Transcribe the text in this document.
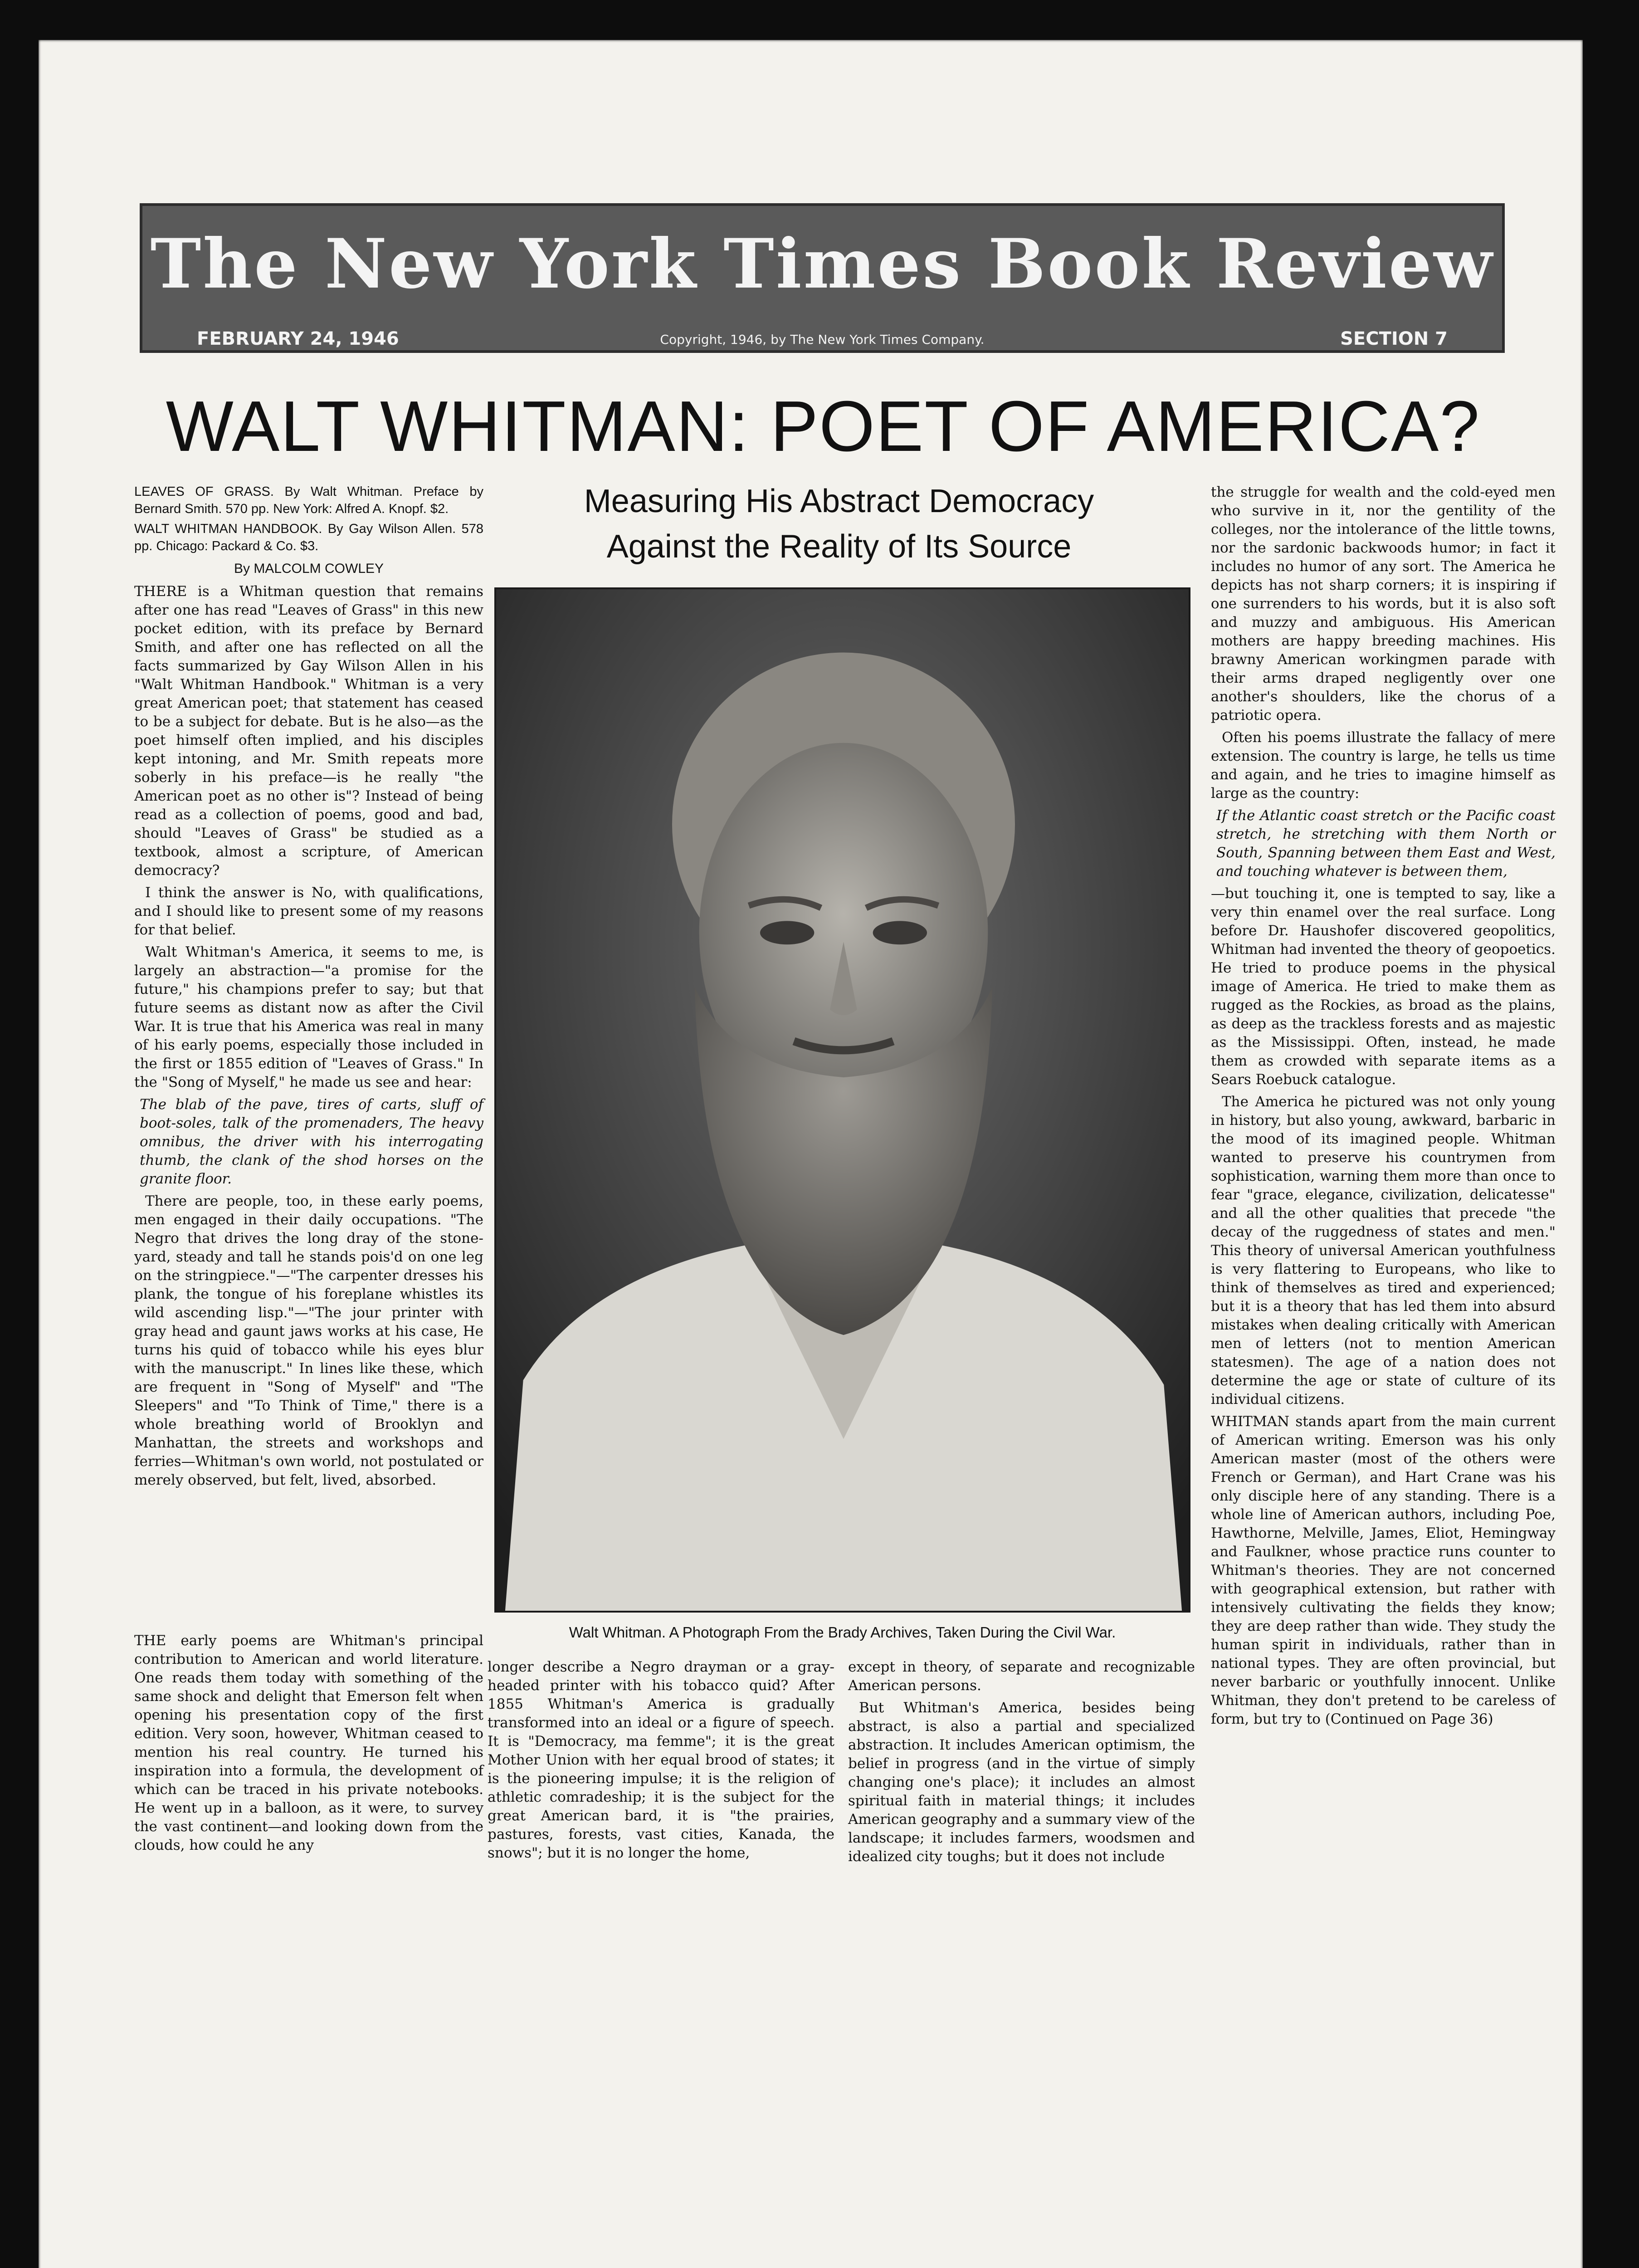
The New York Times Book Review
FEBRUARY 24, 1946	Copyright, 1946, by The New York Times Company.	SECTION 7
WALT WHITMAN: POET OF AMERICA?
Measuring His Abstract Democracy
Against the Reality of Its Source

LEAVES OF GRASS. By Walt Whitman. Preface by Bernard Smith. 570 pp. New York: Alfred A. Knopf. $2.

WALT WHITMAN HANDBOOK. By Gay Wilson Allen. 578 pp. Chicago: Packard & Co. $3.

By MALCOLM COWLEY

THERE is a Whitman question that remains after one has read "Leaves of Grass" in this new pocket edition, with its preface by Bernard Smith, and after one has reflected on all the facts summarized by Gay Wilson Allen in his "Walt Whitman Handbook." Whitman is a very great American poet; that statement has ceased to be a subject for debate. But is he also—as the poet himself often implied, and his disciples kept intoning, and Mr. Smith repeats more soberly in his preface—is he really "the American poet as no other is"? Instead of being read as a collection of poems, good and bad, should "Leaves of Grass" be studied as a textbook, almost a scripture, of American democracy?

I think the answer is No, with qualifications, and I should like to present some of my reasons for that belief.

Walt Whitman's America, it seems to me, is largely an abstraction—"a promise for the future," his champions prefer to say; but that future seems as distant now as after the Civil War. It is true that his America was real in many of his early poems, especially those included in the first or 1855 edition of "Leaves of Grass." In the "Song of Myself," he made us see and hear:

The blab of the pave, tires of carts, sluff of boot-soles, talk of the promenaders, The heavy omnibus, the driver with his interrogating thumb, the clank of the shod horses on the granite floor.

There are people, too, in these early poems, men engaged in their daily occupations. "The Negro that drives the long dray of the stone-yard, steady and tall he stands pois'd on one leg on the stringpiece."—"The carpenter dresses his plank, the tongue of his foreplane whistles its wild ascending lisp."—"The jour printer with gray head and gaunt jaws works at his case, He turns his quid of tobacco while his eyes blur with the manuscript." In lines like these, which are frequent in "Song of Myself" and "The Sleepers" and "To Think of Time," there is a whole breathing world of Brooklyn and Manhattan, the streets and workshops and ferries—Whitman's own world, not postulated or merely observed, but felt, lived, absorbed.

THE early poems are Whitman's principal contribution to American and world literature. One reads them today with something of the same shock and delight that Emerson felt when opening his presentation copy of the first edition. Very soon, however, Whitman ceased to mention his real country. He turned his inspiration into a formula, the development of which can be traced in his private notebooks. He went up in a balloon, as it were, to survey the vast continent—and looking down from the clouds, how could he any

Walt Whitman. A Photograph From the Brady Archives, Taken During the Civil War.

longer describe a Negro drayman or a gray-headed printer with his tobacco quid? After 1855 Whitman's America is gradually transformed into an ideal or a figure of speech. It is "Democracy, ma femme"; it is the great Mother Union with her equal brood of states; it is the pioneering impulse; it is the religion of athletic comradeship; it is the subject for the great American bard, it is "the prairies, pastures, forests, vast cities, Kanada, the snows"; but it is no longer the home,

except in theory, of separate and recognizable American persons.

But Whitman's America, besides being abstract, is also a partial and specialized abstraction. It includes American optimism, the belief in progress (and in the virtue of simply changing one's place); it includes an almost spiritual faith in material things; it includes American geography and a summary view of the landscape; it includes farmers, woodsmen and idealized city toughs; but it does not include

the struggle for wealth and the cold-eyed men who survive in it, nor the gentility of the colleges, nor the intolerance of the little towns, nor the sardonic backwoods humor; in fact it includes no humor of any sort. The America he depicts has not sharp corners; it is inspiring if one surrenders to his words, but it is also soft and muzzy and ambiguous. His American mothers are happy breeding machines. His brawny American workingmen parade with their arms draped negligently over one another's shoulders, like the chorus of a patriotic opera.

Often his poems illustrate the fallacy of mere extension. The country is large, he tells us time and again, and he tries to imagine himself as large as the country:

If the Atlantic coast stretch or the Pacific coast stretch, he stretching with them North or South, Spanning between them East and West, and touching whatever is between them,

—but touching it, one is tempted to say, like a very thin enamel over the real surface. Long before Dr. Haushofer discovered geopolitics, Whitman had invented the theory of geopoetics. He tried to produce poems in the physical image of America. He tried to make them as rugged as the Rockies, as broad as the plains, as deep as the trackless forests and as majestic as the Mississippi. Often, instead, he made them as crowded with separate items as a Sears Roebuck catalogue.

The America he pictured was not only young in history, but also young, awkward, barbaric in the mood of its imagined people. Whitman wanted to preserve his countrymen from sophistication, warning them more than once to fear "grace, elegance, civilization, delicatesse" and all the other qualities that precede "the decay of the ruggedness of states and men." This theory of universal American youthfulness is very flattering to Europeans, who like to think of themselves as tired and experienced; but it is a theory that has led them into absurd mistakes when dealing critically with American men of letters (not to mention American statesmen). The age of a nation does not determine the age or state of culture of its individual citizens.

WHITMAN stands apart from the main current of American writing. Emerson was his only American master (most of the others were French or German), and Hart Crane was his only disciple here of any standing. There is a whole line of American authors, including Poe, Hawthorne, Melville, James, Eliot, Hemingway and Faulkner, whose practice runs counter to Whitman's theories. They are not concerned with geographical extension, but rather with intensively cultivating the fields they know; they are deep rather than wide. They study the human spirit in individuals, rather than in national types. They are often provincial, but never barbaric or youthfully innocent. Unlike Whitman, they don't pretend to be careless of form, but try to (Continued on Page 36)
